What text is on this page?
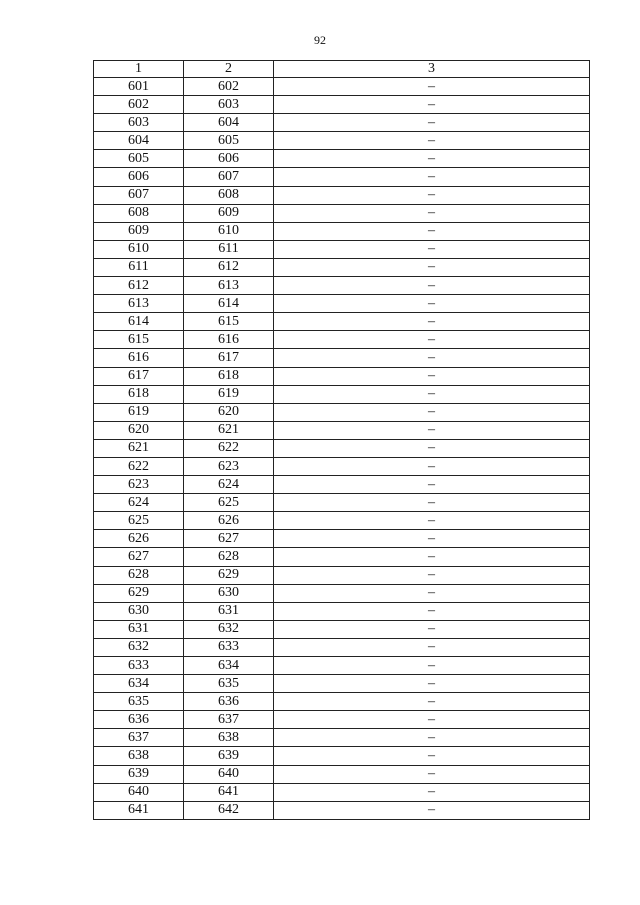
92
1	2	3
601	602	–
602	603	–
603	604	–
604	605	–
605	606	–
606	607	–
607	608	–
608	609	–
609	610	–
610	611	–
611	612	–
612	613	–
613	614	–
614	615	–
615	616	–
616	617	–
617	618	–
618	619	–
619	620	–
620	621	–
621	622	–
622	623	–
623	624	–
624	625	–
625	626	–
626	627	–
627	628	–
628	629	–
629	630	–
630	631	–
631	632	–
632	633	–
633	634	–
634	635	–
635	636	–
636	637	–
637	638	–
638	639	–
639	640	–
640	641	–
641	642	–
